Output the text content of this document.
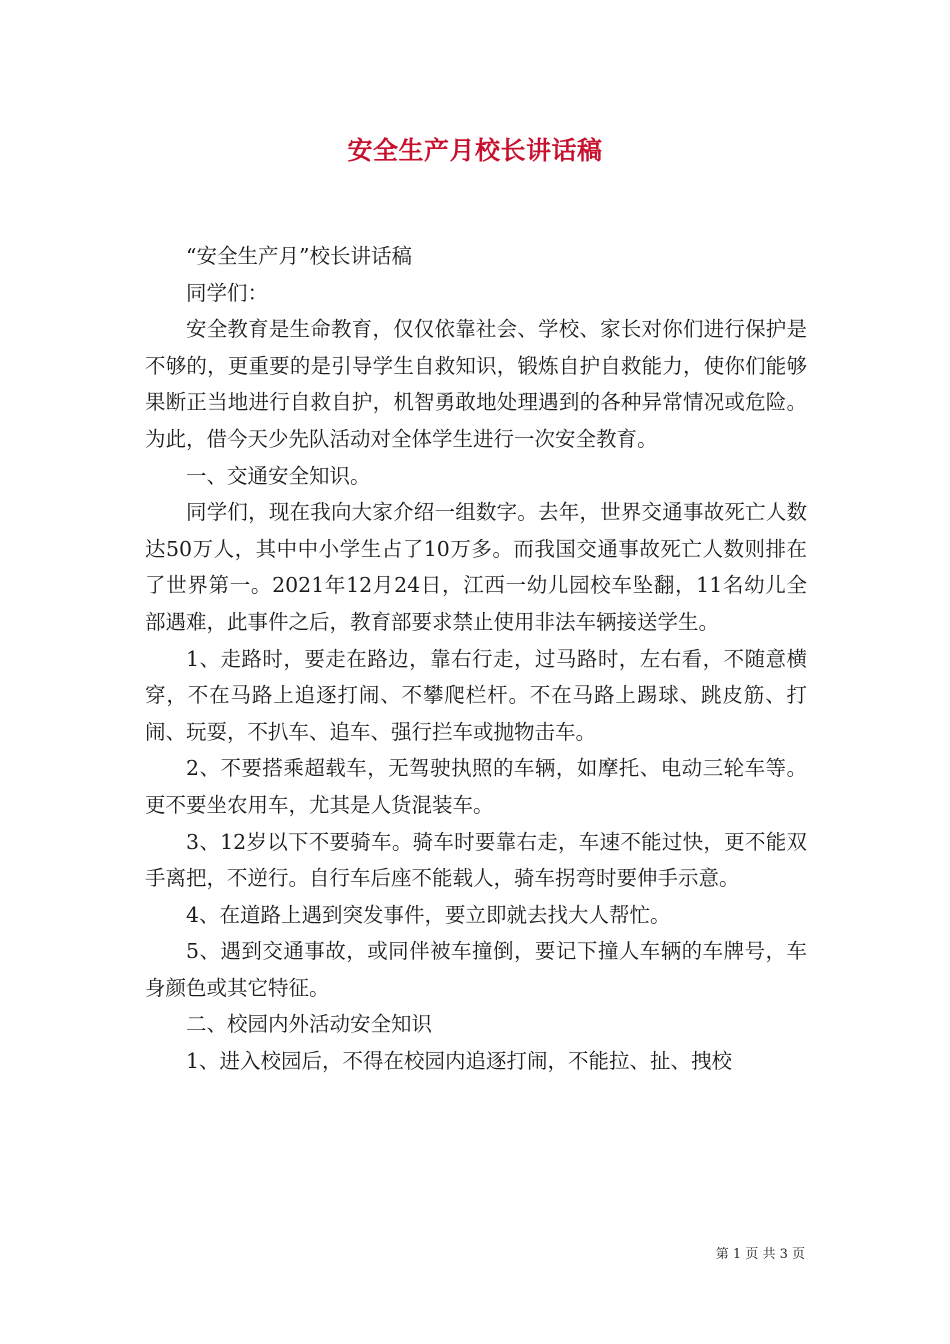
安全生产月校长讲话稿

“安全生产月”校长讲话稿

同学们：

安全教育是生命教育，仅仅依靠社会、学校、家长对你们进行保护是不够的，更重要的是引导学生自救知识，锻炼自护自救能力，使你们能够果断正当地进行自救自护，机智勇敢地处理遇到的各种异常情况或危险。为此，借今天少先队活动对全体学生进行一次安全教育。

一、交通安全知识。

同学们，现在我向大家介绍一组数字。去年，世界交通事故死亡人数达50万人，其中中小学生占了10万多。而我国交通事故死亡人数则排在了世界第一。2021年12月24日，江西一幼儿园校车坠翻，11名幼儿全部遇难，此事件之后，教育部要求禁止使用非法车辆接送学生。

1、走路时，要走在路边，靠右行走，过马路时，左右看，不随意横穿，不在马路上追逐打闹、不攀爬栏杆。不在马路上踢球、跳皮筋、打闹、玩耍，不扒车、追车、强行拦车或抛物击车。

2、不要搭乘超载车，无驾驶执照的车辆，如摩托、电动三轮车等。更不要坐农用车，尤其是人货混装车。

3、12岁以下不要骑车。骑车时要靠右走，车速不能过快，更不能双手离把，不逆行。自行车后座不能载人，骑车拐弯时要伸手示意。

4、在道路上遇到突发事件，要立即就去找大人帮忙。

5、遇到交通事故，或同伴被车撞倒，要记下撞人车辆的车牌号，车身颜色或其它特征。

二、校园内外活动安全知识

1、进入校园后，不得在校园内追逐打闹，不能拉、扯、拽校

第 1 页 共 3 页
